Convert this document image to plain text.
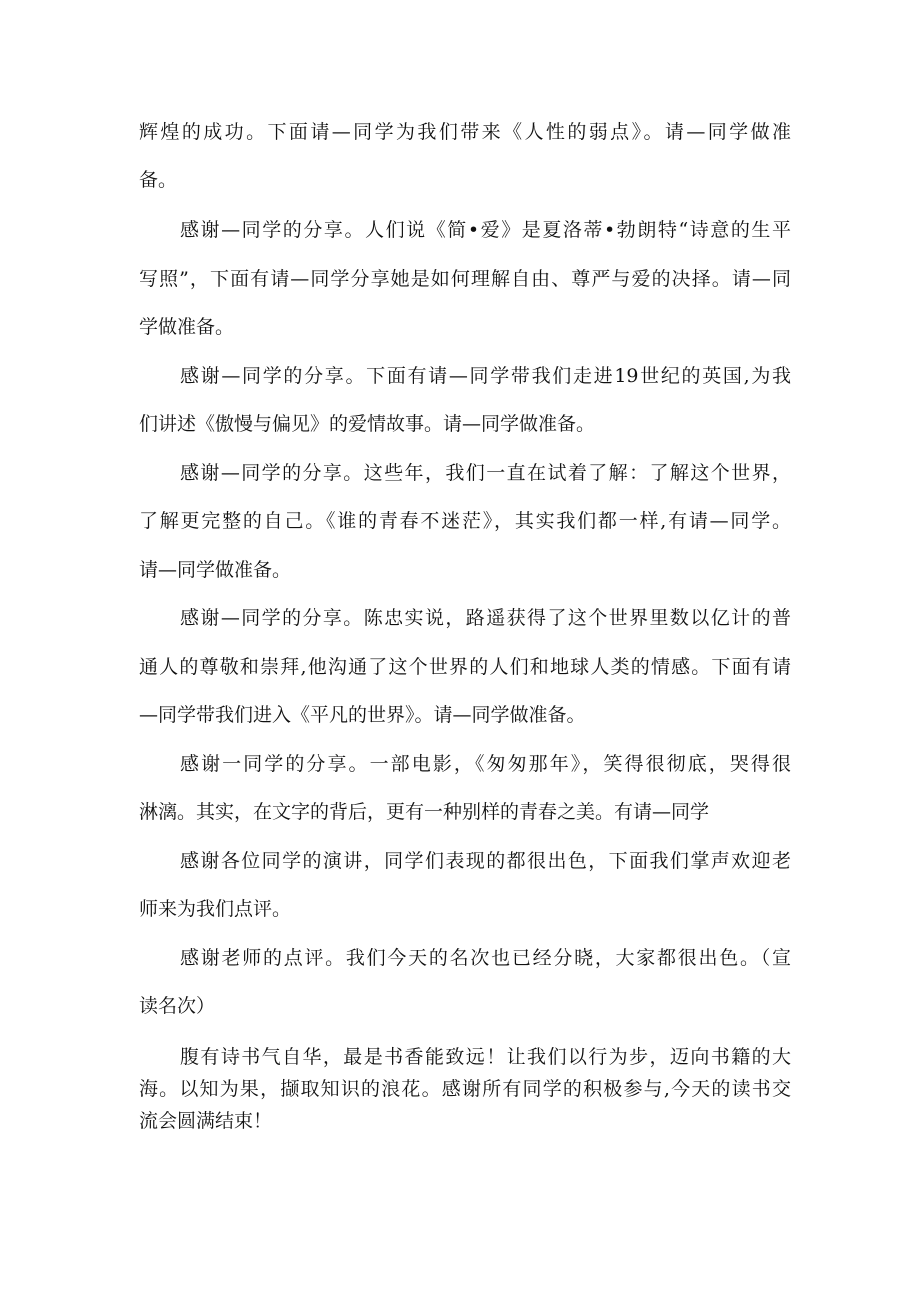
辉煌的成功。下面请—同学为我们带来《人性的弱点》。请—同学做准
备。
感谢—同学的分享。人们说《简•爱》是夏洛蒂•勃朗特“诗意的生平
写照”，下面有请—同学分享她是如何理解自由、尊严与爱的决择。请—同
学做准备。
感谢—同学的分享。下面有请—同学带我们走进19世纪的英国,为我
们讲述《傲慢与偏见》的爱情故事。请—同学做准备。
感谢—同学的分享。这些年，我们一直在试着了解：了解这个世界，
了解更完整的自己。《谁的青春不迷茫》，其实我们都一样,有请—同学。
请—同学做准备。
感谢—同学的分享。陈忠实说，路遥获得了这个世界里数以亿计的普
通人的尊敬和崇拜,他沟通了这个世界的人们和地球人类的情感。下面有请
—同学带我们进入《平凡的世界》。请—同学做准备。
感谢一同学的分享。一部电影，《匆匆那年》，笑得很彻底，哭得很
淋漓。其实，在文字的背后，更有一种别样的青春之美。有请—同学
感谢各位同学的演讲，同学们表现的都很出色，下面我们掌声欢迎老
师来为我们点评。
感谢老师的点评。我们今天的名次也已经分晓，大家都很出色。（宣
读名次）
腹有诗书气自华，最是书香能致远！让我们以行为步，迈向书籍的大
海。以知为果，撷取知识的浪花。感谢所有同学的积极参与,今天的读书交
流会圆满结束！
